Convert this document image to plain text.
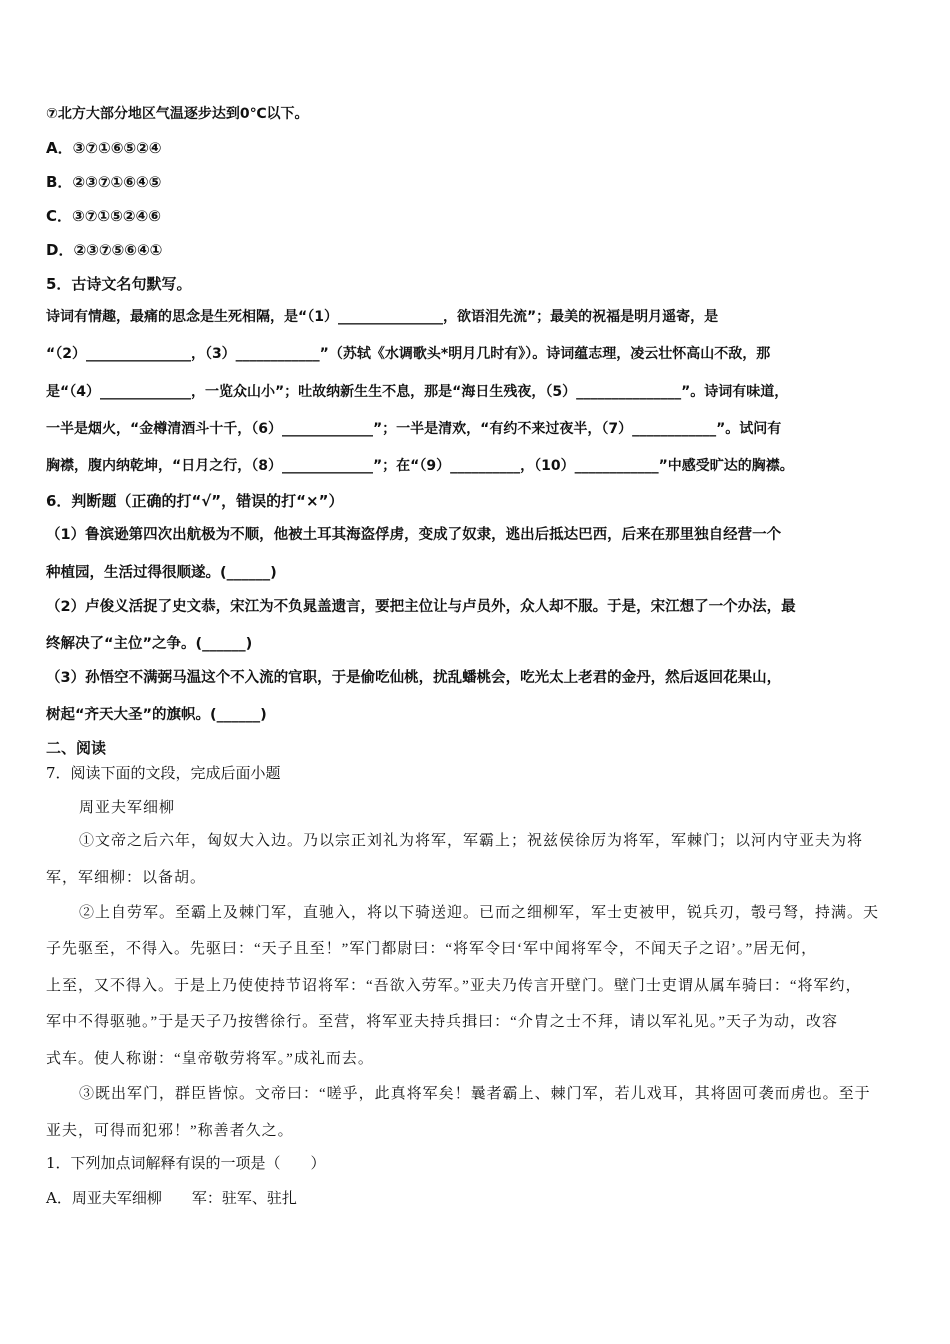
⑦北方大部分地区气温逐步达到0℃以下。
A．③⑦①⑥⑤②④
B．②③⑦①⑥④⑤
C．③⑦①⑤②④⑥
D．②③⑦⑤⑥④①
5．古诗文名句默写。
诗词有情趣，最痛的思念是生死相隔，是“（1）_______________，欲语泪先流”；最美的祝福是明月遥寄，是
“（2）_______________，（3）____________”（苏轼《水调歌头*明月几时有》）。诗词蕴志理，凌云壮怀高山不敌，那
是“（4）_____________，一览众山小”；吐故纳新生生不息，那是“海日生残夜，（5）_______________”。诗词有味道，
一半是烟火，“金樽清酒斗十千，（6）_____________”；一半是清欢，“有约不来过夜半，（7）____________”。试问有
胸襟，腹内纳乾坤，“日月之行，（8）_____________”；在“（9）__________，（10）____________”中感受旷达的胸襟。
6．判断题（正确的打“√”，错误的打“×”）
（1）鲁滨逊第四次出航极为不顺，他被土耳其海盗俘虏，变成了奴隶，逃出后抵达巴西，后来在那里独自经营一个
种植园，生活过得很顺遂。(______)
（2）卢俊义活捉了史文恭，宋江为不负晁盖遗言，要把主位让与卢员外，众人却不服。于是，宋江想了一个办法，最
终解决了“主位”之争。(______)
（3）孙悟空不满弼马温这个不入流的官职，于是偷吃仙桃，扰乱蟠桃会，吃光太上老君的金丹，然后返回花果山，
树起“齐天大圣”的旗帜。(______)
二、阅读
7．阅读下面的文段，完成后面小题
周亚夫军细柳
①文帝之后六年，匈奴大入边。乃以宗正刘礼为将军，军霸上；祝兹侯徐厉为将军，军棘门；以河内守亚夫为将
军，军细柳：以备胡。
②上自劳军。至霸上及棘门军，直驰入，将以下骑送迎。已而之细柳军，军士吏被甲，锐兵刃，彀弓弩，持满。天
子先驱至，不得入。先驱曰：“天子且至！”军门都尉曰：“将军令曰‘军中闻将军令，不闻天子之诏’。”居无何，
上至，又不得入。于是上乃使使持节诏将军：“吾欲入劳军。”亚夫乃传言开壁门。壁门士吏谓从属车骑曰：“将军约，
军中不得驱驰。”于是天子乃按辔徐行。至营，将军亚夫持兵揖曰：“介胄之士不拜，请以军礼见。”天子为动，改容
式车。使人称谢：“皇帝敬劳将军。”成礼而去。
③既出军门，群臣皆惊。文帝曰：“嗟乎，此真将军矣！曩者霸上、棘门军，若儿戏耳，其将固可袭而虏也。至于
亚夫，可得而犯邪！”称善者久之。
1．下列加点词解释有误的一项是（　　）
A．周亚夫军细柳　　军：驻军、驻扎
